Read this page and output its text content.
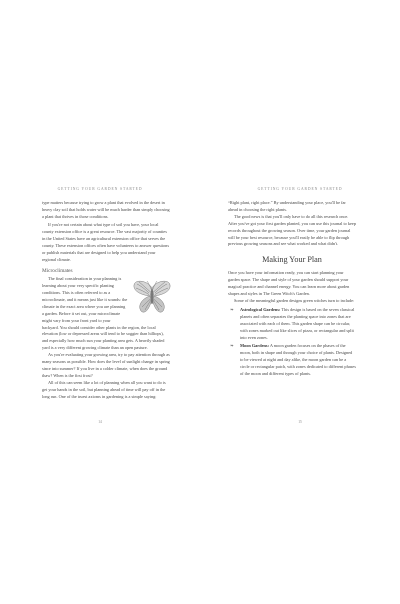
GETTING YOUR GARDEN STARTED

type matters because trying to grow a plant that evolved in the desert in heavy clay soil that holds water will be much harder than simply choosing a plant that thrives in those conditions.

If you're not certain about what type of soil you have, your local county extension office is a great resource. The vast majority of counties in the United States have an agricultural extension office that serves the county. These extension offices often have volunteers to answer questions or publish materials that are designed to help you understand your regional climate.

Microclimates

The final consideration in your planning is learning about your very specific planting conditions. This is often referred to as a microclimate, and it means just like it sounds: the climate in the exact area where you are planning a garden. Before it set out, your microclimate might vary from your front yard to your backyard. You should consider other plants in the region, the local elevation (low or depressed areas will tend to be soggier than hilltops), and especially how much sun your planting area gets. A heavily shaded yard is a very different growing climate than an open pasture.

As you're evaluating your growing area, try to pay attention through as many seasons as possible. How does the level of sunlight change in spring since into summer? If you live in a colder climate, when does the ground thaw? When is the first frost?

All of this can seem like a lot of planning when all you want to do is get your hands in the soil, but planning ahead of time will pay off in the long run. One of the truest axioms in gardening is a simple saying:

14
GETTING YOUR GARDEN STARTED

“Right plant, right place.” By understanding your place, you'll be far ahead in choosing the right plants.

The good news is that you'll only have to do all this research once. After you've got your first garden planted, you can use this journal to keep records throughout the growing season. Over time, your garden journal will be your best resource, because you'll easily be able to flip through previous growing seasons and see what worked and what didn't.

Making Your Plan

Once you have your information ready, you can start planning your garden space. The shape and style of your garden should support your magical practice and channel energy. You can learn more about garden shapes and styles in The Green Witch's Garden.

Some of the meaningful garden designs green witches turn to include:

❧ Astrological Gardens: This design is based on the seven classical planets and often separates the planting space into zones that are associated with each of them. This garden shape can be circular, with zones marked out like slices of pizza, or rectangular and split into even zones.
❧ Moon Gardens: A moon garden focuses on the phases of the moon, both in shape and through your choice of plants. Designed to be viewed at night and day alike, the moon garden can be a circle or rectangular patch, with zones dedicated to different phases of the moon and different types of plants.
15
